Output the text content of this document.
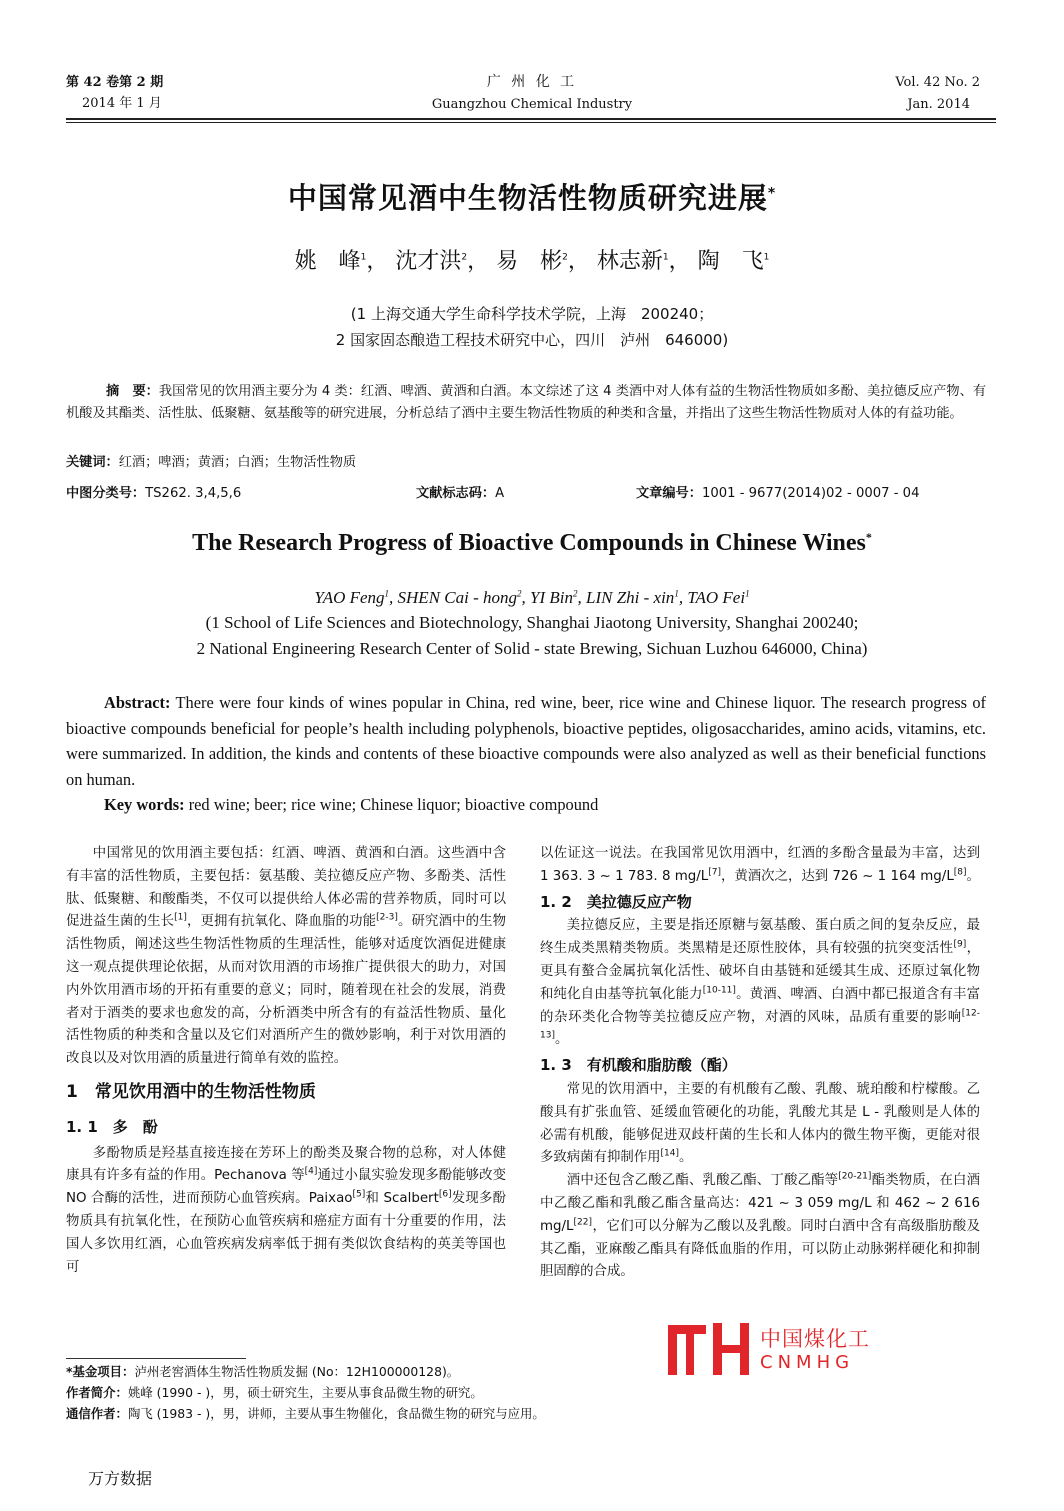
第 42 卷第 2 期
2014 年 1 月
广 州 化 工
Guangzhou Chemical Industry
Vol. 42 No. 2
Jan. 2014
中国常见酒中生物活性物质研究进展*
姚　峰$^1$， 沈才洪$^2$， 易　彬$^2$， 林志新$^1$， 陶　飞$^1$
(1 上海交通大学生命科学技术学院，上海　200240；
2 国家固态酿造工程技术研究中心，四川　泸州　646000)
摘　要：我国常见的饮用酒主要分为 4 类：红酒、啤酒、黄酒和白酒。本文综述了这 4 类酒中对人体有益的生物活性物质如多酚、美拉德反应产物、有机酸及其酯类、活性肽、低聚糖、氨基酸等的研究进展，分析总结了酒中主要生物活性物质的种类和含量，并指出了这些生物活性物质对人体的有益功能。
关键词：红酒；啤酒；黄酒；白酒；生物活性物质
中图分类号：TS262. 3,4,5,6	文献标志码：A	文章编号：1001 - 9677(2014)02 - 0007 - 04
The Research Progress of Bioactive Compounds in Chinese Wines*
YAO Feng$^1$, SHEN Cai - hong$^2$, YI Bin$^2$, LIN Zhi - xin$^1$, TAO Fei$^1$
(1 School of Life Sciences and Biotechnology, Shanghai Jiaotong University, Shanghai 200240;
2 National Engineering Research Center of Solid - state Brewing, Sichuan Luzhou 646000, China)
Abstract: There were four kinds of wines popular in China, red wine, beer, rice wine and Chinese liquor. The research progress of bioactive compounds beneficial for people’s health including polyphenols, bioactive peptides, oligosaccharides, amino acids, vitamins, etc. were summarized. In addition, the kinds and contents of these bioactive compounds were also analyzed as well as their beneficial functions on human.
Key words: red wine; beer; rice wine; Chinese liquor; bioactive compound

中国常见的饮用酒主要包括：红酒、啤酒、黄酒和白酒。这些酒中含有丰富的活性物质，主要包括：氨基酸、美拉德反应产物、多酚类、活性肽、低聚糖、和酸酯类，不仅可以提供给人体必需的营养物质，同时可以促进益生菌的生长[1]，更拥有抗氧化、降血脂的功能[2-3]。研究酒中的生物活性物质，阐述这些生物活性物质的生理活性，能够对适度饮酒促进健康这一观点提供理论依据，从而对饮用酒的市场推广提供很大的助力，对国内外饮用酒市场的开拓有重要的意义；同时，随着现在社会的发展，消费者对于酒类的要求也愈发的高，分析酒类中所含有的有益活性物质、量化活性物质的种类和含量以及它们对酒所产生的微妙影响，利于对饮用酒的改良以及对饮用酒的质量进行简单有效的监控。

1　常见饮用酒中的生物活性物质
1. 1　多　酚

多酚物质是羟基直接连接在芳环上的酚类及聚合物的总称，对人体健康具有许多有益的作用。Pechanova 等[4]通过小鼠实验发现多酚能够改变 NO 合酶的活性，进而预防心血管疾病。Paixao[5]和 Scalbert[6]发现多酚物质具有抗氧化性，在预防心血管疾病和癌症方面有十分重要的作用，法国人多饮用红酒，心血管疾病发病率低于拥有类似饮食结构的英美等国也可

以佐证这一说法。在我国常见饮用酒中，红酒的多酚含量最为丰富，达到 1 363. 3 ~ 1 783. 8 mg/L[7]，黄酒次之，达到 726 ~ 1 164 mg/L[8]。

1. 2　美拉德反应产物

美拉德反应，主要是指还原糖与氨基酸、蛋白质之间的复杂反应，最终生成类黑精类物质。类黑精是还原性胶体，具有较强的抗突变活性[9]，更具有螯合金属抗氧化活性、破坏自由基链和延缓其生成、还原过氧化物和纯化自由基等抗氧化能力[10-11]。黄酒、啤酒、白酒中都已报道含有丰富的杂环类化合物等美拉德反应产物，对酒的风味，品质有重要的影响[12-13]。

1. 3　有机酸和脂肪酸（酯）

常见的饮用酒中，主要的有机酸有乙酸、乳酸、琥珀酸和柠檬酸。乙酸具有扩张血管、延缓血管硬化的功能，乳酸尤其是 L - 乳酸则是人体的必需有机酸，能够促进双歧杆菌的生长和人体内的微生物平衡，更能对很多致病菌有抑制作用[14]。

酒中还包含乙酸乙酯、乳酸乙酯、丁酸乙酯等[20-21]酯类物质，在白酒中乙酸乙酯和乳酸乙酯含量高达：421 ~ 3 059 mg/L 和 462 ~ 2 616 mg/L[22]，它们可以分解为乙酸以及乳酸。同时白酒中含有高级脂肪酸及其乙酯，亚麻酸乙酯具有降低血脂的作用，可以防止动脉粥样硬化和抑制胆固醇的合成。

中国煤化工
CNMHG
*基金项目：泸州老窖酒体生物活性物质发掘 (No：12H100000128)。
作者简介：姚峰 (1990 - )，男，硕士研究生，主要从事食品微生物的研究。
通信作者：陶飞 (1983 - )，男，讲师，主要从事生物催化，食品微生物的研究与应用。
万方数据
